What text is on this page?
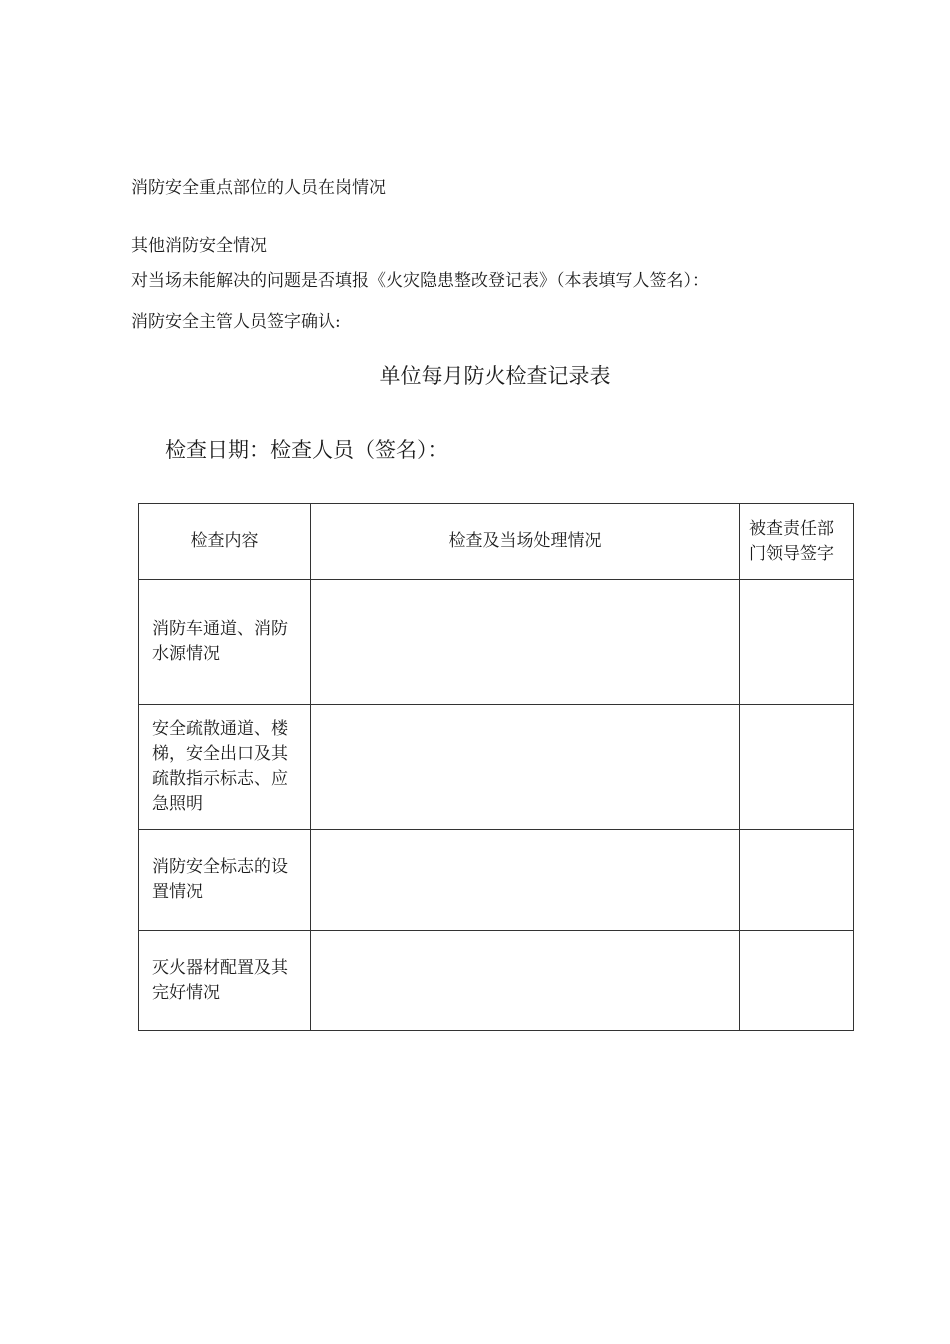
消防安全重点部位的人员在岗情况
其他消防安全情况
对当场未能解决的问题是否填报《火灾隐患整改登记表》（本表填写人签名）：
消防安全主管人员签字确认:
单位每月防火检查记录表
检查日期：检查人员（签名）：
检查内容	检查及当场处理情况	被查责任部门领导签字
消防车通道、消防水源情况		
安全疏散通道、楼梯，安全出口及其疏散指示标志、应急照明		
消防安全标志的设置情况		
灭火器材配置及其完好情况		
